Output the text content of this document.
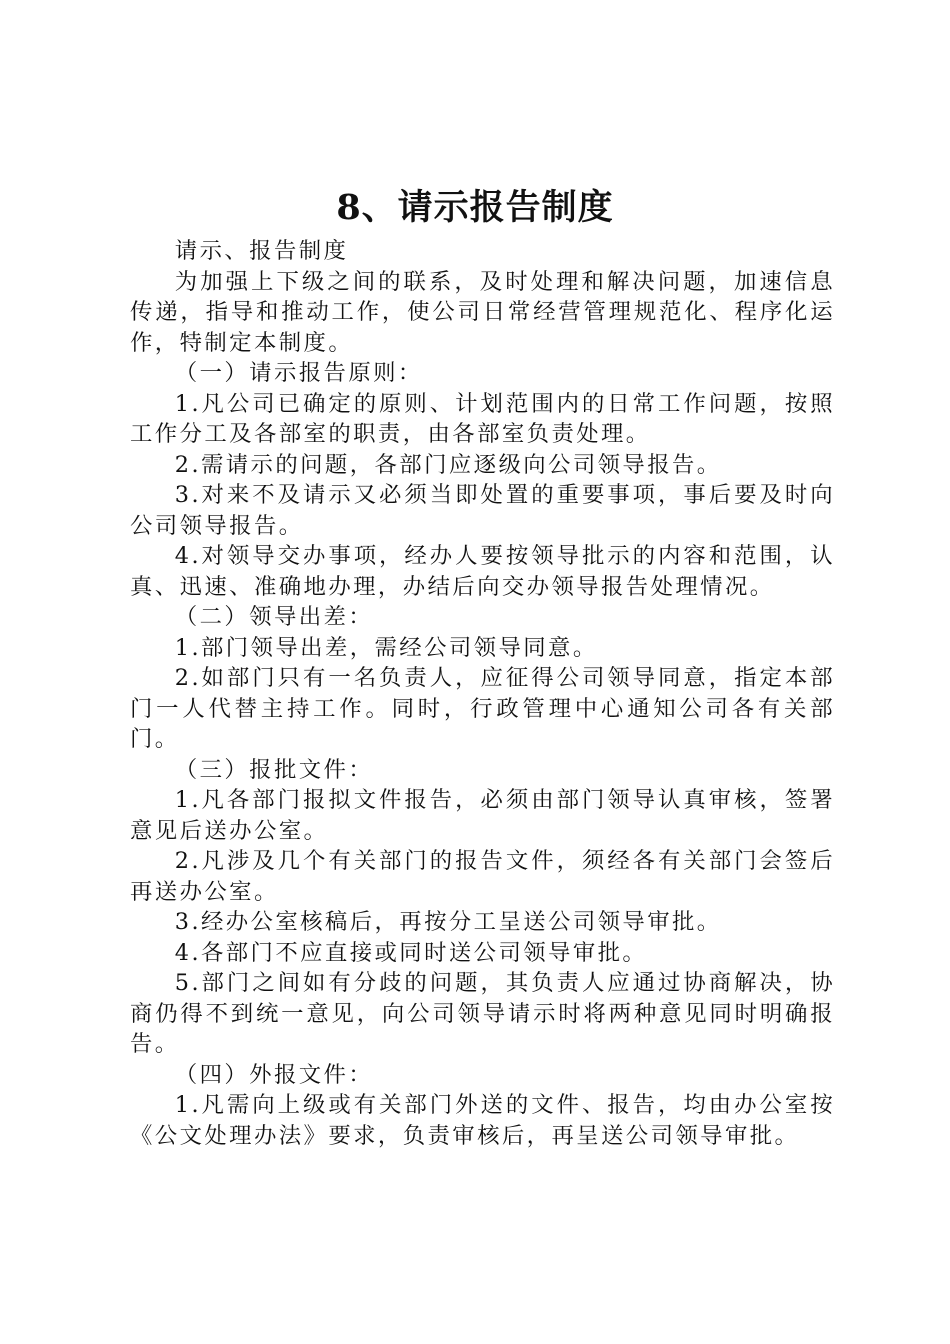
8、请示报告制度

请示、报告制度

为加强上下级之间的联系，及时处理和解决问题，加速信息传递，指导和推动工作，使公司日常经营管理规范化、程序化运作，特制定本制度。

（一）请示报告原则：

1.凡公司已确定的原则、计划范围内的日常工作问题，按照工作分工及各部室的职责，由各部室负责处理。

2.需请示的问题，各部门应逐级向公司领导报告。

3.对来不及请示又必须当即处置的重要事项，事后要及时向公司领导报告。

4.对领导交办事项，经办人要按领导批示的内容和范围，认真、迅速、准确地办理，办结后向交办领导报告处理情况。

（二）领导出差：

1.部门领导出差，需经公司领导同意。

2.如部门只有一名负责人，应征得公司领导同意，指定本部门一人代替主持工作。同时，行政管理中心通知公司各有关部门。

（三）报批文件：

1.凡各部门报拟文件报告，必须由部门领导认真审核，签署意见后送办公室。

2.凡涉及几个有关部门的报告文件，须经各有关部门会签后再送办公室。

3.经办公室核稿后，再按分工呈送公司领导审批。

4.各部门不应直接或同时送公司领导审批。

5.部门之间如有分歧的问题，其负责人应通过协商解决，协商仍得不到统一意见，向公司领导请示时将两种意见同时明确报告。

（四）外报文件：

1.凡需向上级或有关部门外送的文件、报告，均由办公室按《公文处理办法》要求，负责审核后，再呈送公司领导审批。
